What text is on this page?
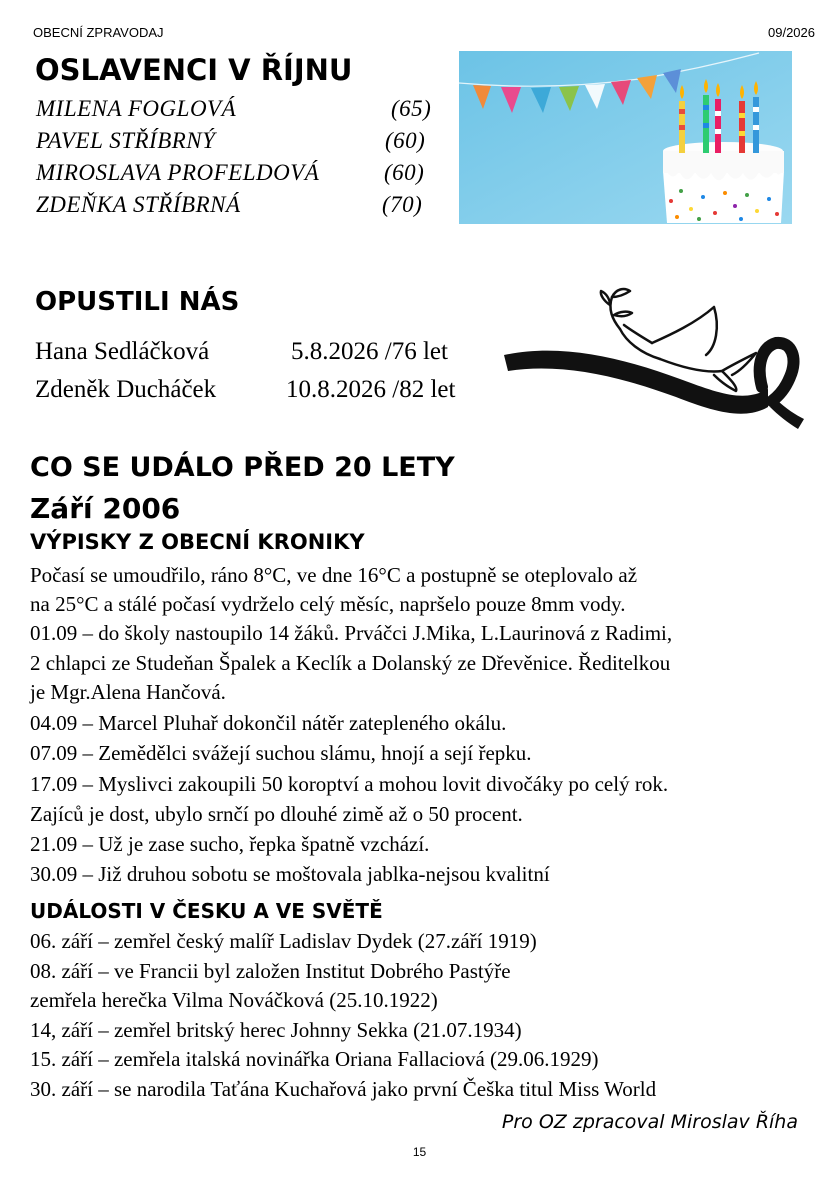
OBECNÍ ZPRAVODAJ	09/2026
OSLAVENCI V ŘÍJNU
MILENA FOGLOVÁ	(65)
PAVEL STŘÍBRNÝ	(60)
MIROSLAVA PROFELDOVÁ	(60)
ZDEŇKA STŘÍBRNÁ	(70)
OPUSTILI NÁS
Hana Sedláčková	5.8.2026 /76 let
Zdeněk Ducháček	10.8.2026 /82 let
CO SE UDÁLO PŘED 20 LETY
Září 2006
VÝPISKY Z OBECNÍ KRONIKY
Počasí se umoudřilo, ráno 8°C, ve dne 16°C a postupně se oteplovalo až
na 25°C a stálé počasí vydrželo celý měsíc, napršelo pouze 8mm vody.
01.09 – do školy nastoupilo 14 žáků. Prváčci J.Mika, L.Laurinová z Radimi,
2 chlapci ze Studeňan Špalek a Keclík a Dolanský ze Dřevěnice. Ředitelkou
je Mgr.Alena Hančová.
04.09 – Marcel Pluhař dokončil nátěr zatepleného okálu.
07.09 – Zemědělci svážejí suchou slámu, hnojí a sejí řepku.
17.09 – Myslivci zakoupili 50 koroptví a mohou lovit divočáky po celý rok.
Zajíců je dost, ubylo srnčí po dlouhé zimě až o 50 procent.
21.09 – Už je zase sucho, řepka špatně vzchází.
30.09 – Již druhou sobotu se moštovala jablka-nejsou kvalitní
UDÁLOSTI V ČESKU A VE SVĚTĚ
06. září – zemřel český malíř Ladislav Dydek (27.září 1919)
08. září – ve Francii byl založen Institut Dobrého Pastýře
zemřela herečka Vilma Nováčková (25.10.1922)
14, září – zemřel britský herec Johnny Sekka (21.07.1934)
15. září – zemřela italská novinářka Oriana Fallaciová (29.06.1929)
30. září – se narodila Taťána Kuchařová jako první Češka titul Miss World
Pro OZ zpracoval Miroslav Říha
15
